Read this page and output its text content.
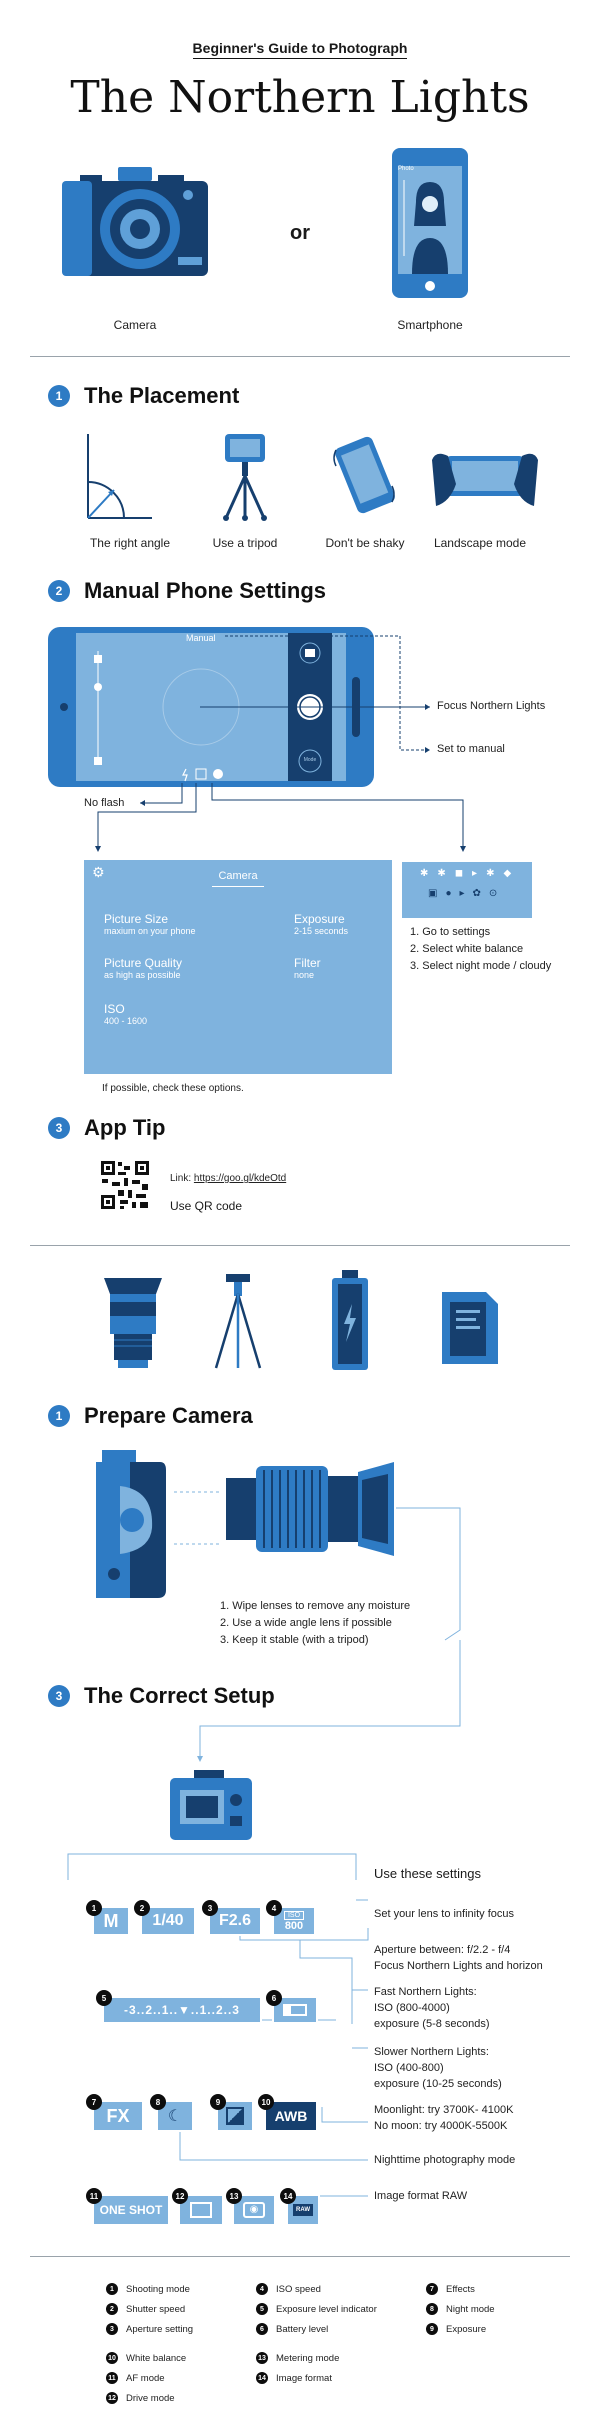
Beginner's Guide to Photograph
The Northern Lights
Camera
or
Photo
Smartphone
1 The Placement
The right angle	Use a tripod	Don't be shaky	Landscape mode
2 Manual Phone Settings
Manual
Mode
Focus Northern Lights
Set to manual
No flash
⚙	Camera
Picture Size
maxium on your phone
Exposure
2-15 seconds
Picture Quality
as high as possible
Filter
none
ISO
400 - 1600
If possible, check these options.
✱✱◼▸✱◆
▣●▸✿⊙
1. Go to settings
2. Select white balance
3. Select night mode / cloudy
3 App Tip
Link: https://goo.gl/kdeOtd
Use QR code
1 Prepare Camera
1. Wipe lenses to remove any moisture
2. Use a wide angle lens if possible
3. Keep it stable (with a tripod)
3 The Correct Setup
Use these settings
1
M
2
1/40
3
F2.6
4
ISO
800
Set your lens to infinity focus
Aperture between: f/2.2 - f/4
Focus Northern Lights and horizon
5
-3..2..1..▼..1..2..3
6	Fast Northern Lights:
ISO (800-4000)
exposure (5-8 seconds)
Slower Northern Lights:
ISO (400-800)
exposure (10-25 seconds)
7
FX
8
☾
9	10
AWB	Moonlight: try 3700K- 4100K
No moon: try 4000K-5500K
Nighttime photography mode
11
ONE SHOT
12	13
◉
14
RAW
Image format RAW
1	Shooting mode
2	Shutter speed
3	Aperture setting
4	ISO speed
5	Exposure level indicator
6	Battery level
7	Effects
8	Night mode
9	Exposure
10 White balance
11 AF mode
12 Drive mode
13 Metering mode
14 Image format
